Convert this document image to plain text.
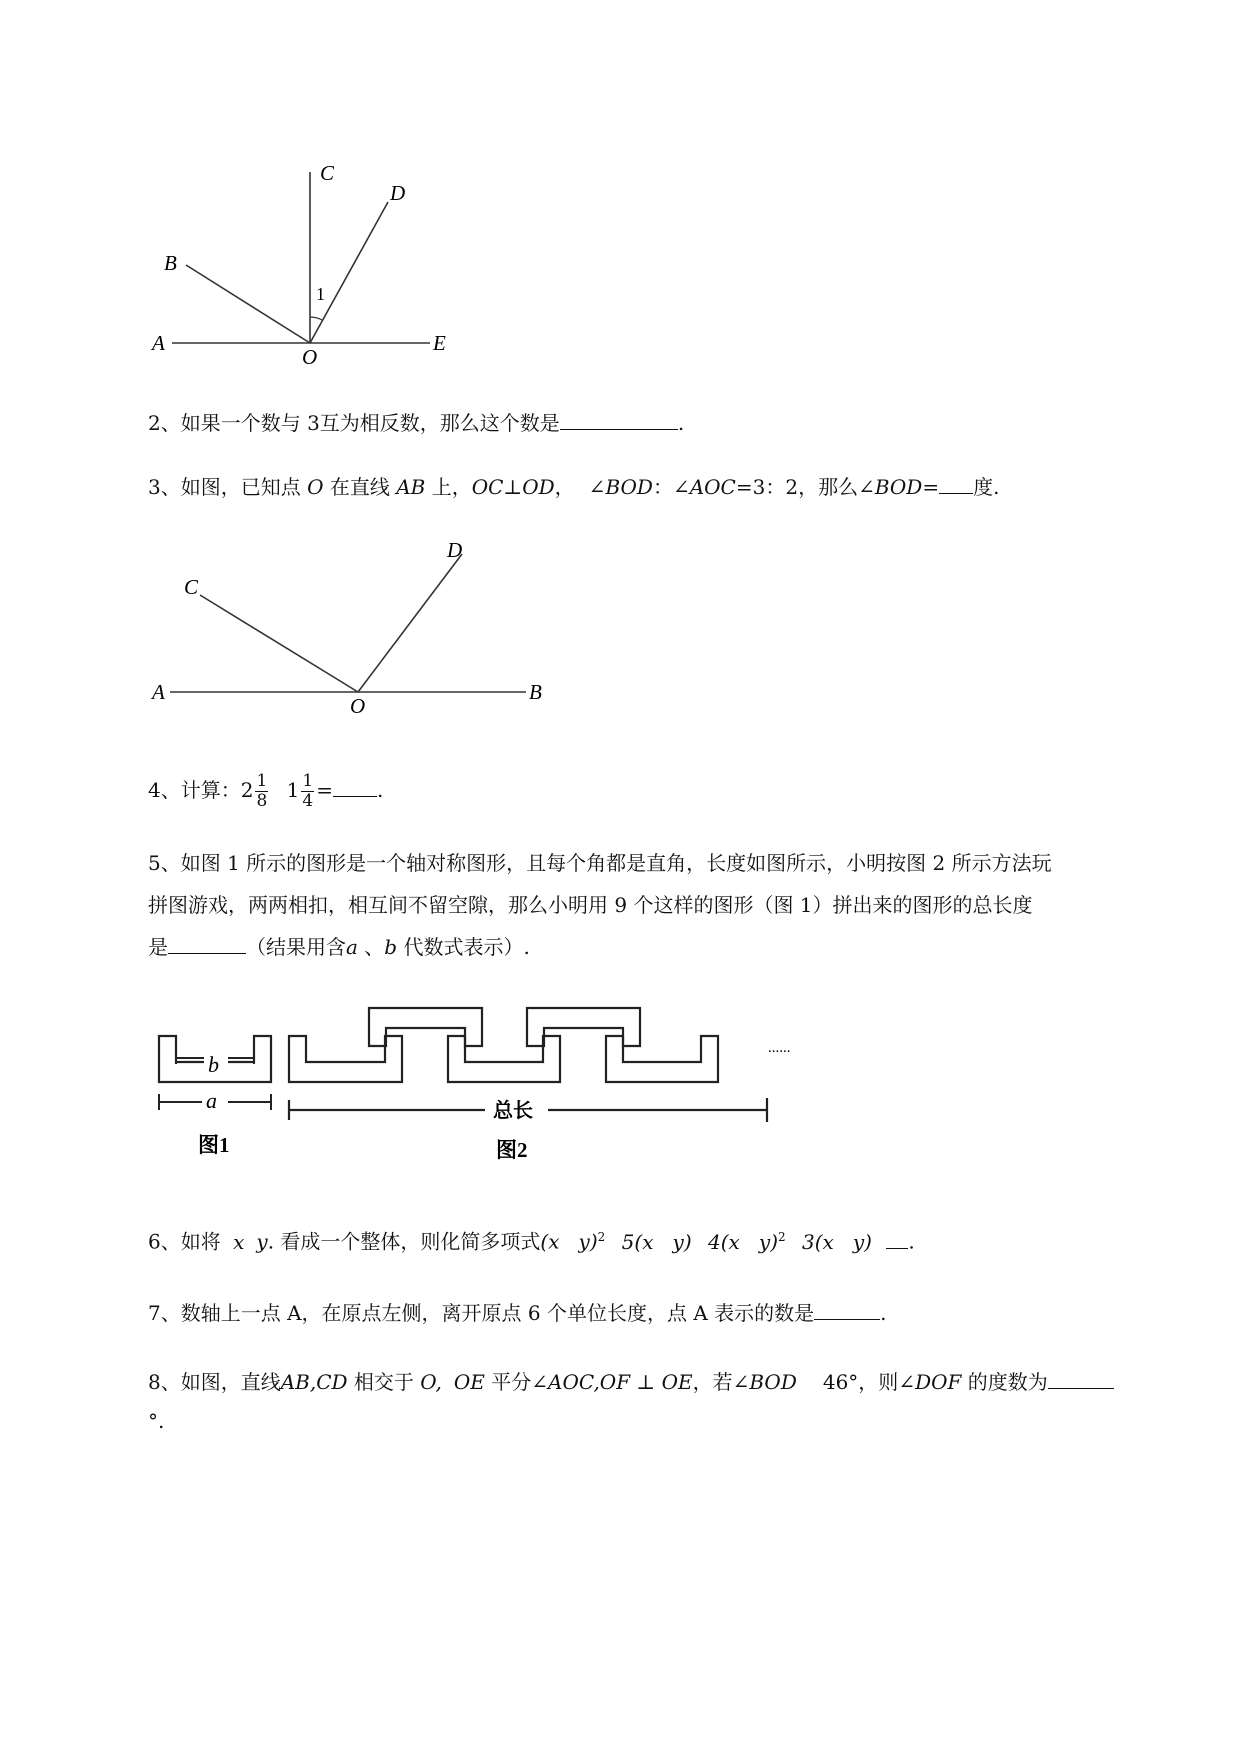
C
D
B
1
A
O
E
2、如果一个数与 3互为相反数，那么这个数是	.
3、如图，已知点 O 在直线 AB 上，OC⊥OD， ∠BOD：∠AOC=3：2，那么∠BOD= 度.
D
C
A
O
B
4、计算：$2 \frac{1}{8} 1 \frac{1}{4}$ = .
5、如图 1 所示的图形是一个轴对称图形，且每个角都是直角，长度如图所示，小明按图 2 所示方法玩
拼图游戏，两两相扣，相互间不留空隙，那么小明用 9 个这样的图形（图 1）拼出来的图形的总长度
是	（结果用含a 、b 代数式表示）.
b
a
图1
总长
图2
......
6、如将 x y. 看成一个整体，则化简多项式(x   y)$^2$ 5(x   y) 4(x   y)$^2$ 3(x   y) .
7、数轴上一点 A，在原点左侧，离开原点 6 个单位长度，点 A 表示的数是	.
8、如图，直线AB,CD 相交于 O, OE 平分∠AOC,OF ⊥ OE，若∠BOD 46°，则∠DOF 的度数为
°.
